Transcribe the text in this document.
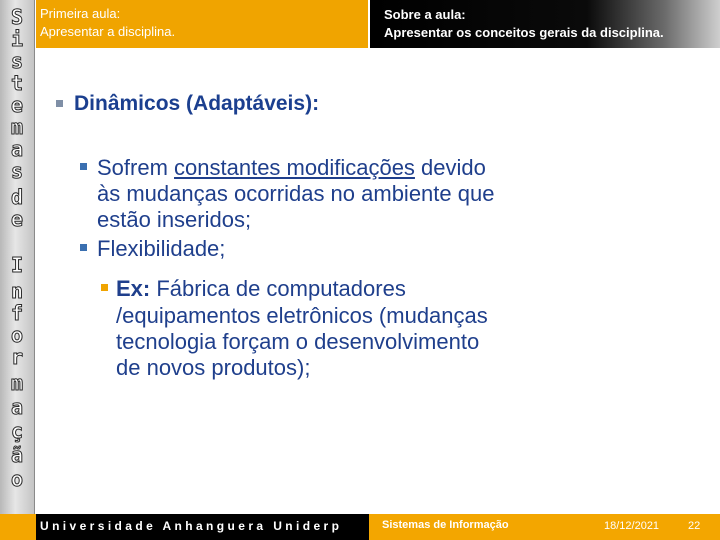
S
i
s
t
e
m
a
s
d
e
I
n
f
o
r
m
a
ç
ã
o
Primeira aula:
Apresentar a disciplina.
Sobre a aula:
Apresentar os conceitos gerais da disciplina.
Dinâmicos (Adaptáveis):
Sofrem constantes modificações devido
às mudanças ocorridas no ambiente que
estão inseridos;
Flexibilidade;
Ex: Fábrica de computadores
/equipamentos eletrônicos (mudanças
tecnologia forçam o desenvolvimento
de novos produtos);
Universidade Anhanguera Uniderp	Sistemas de Informação	18/12/2021	22
